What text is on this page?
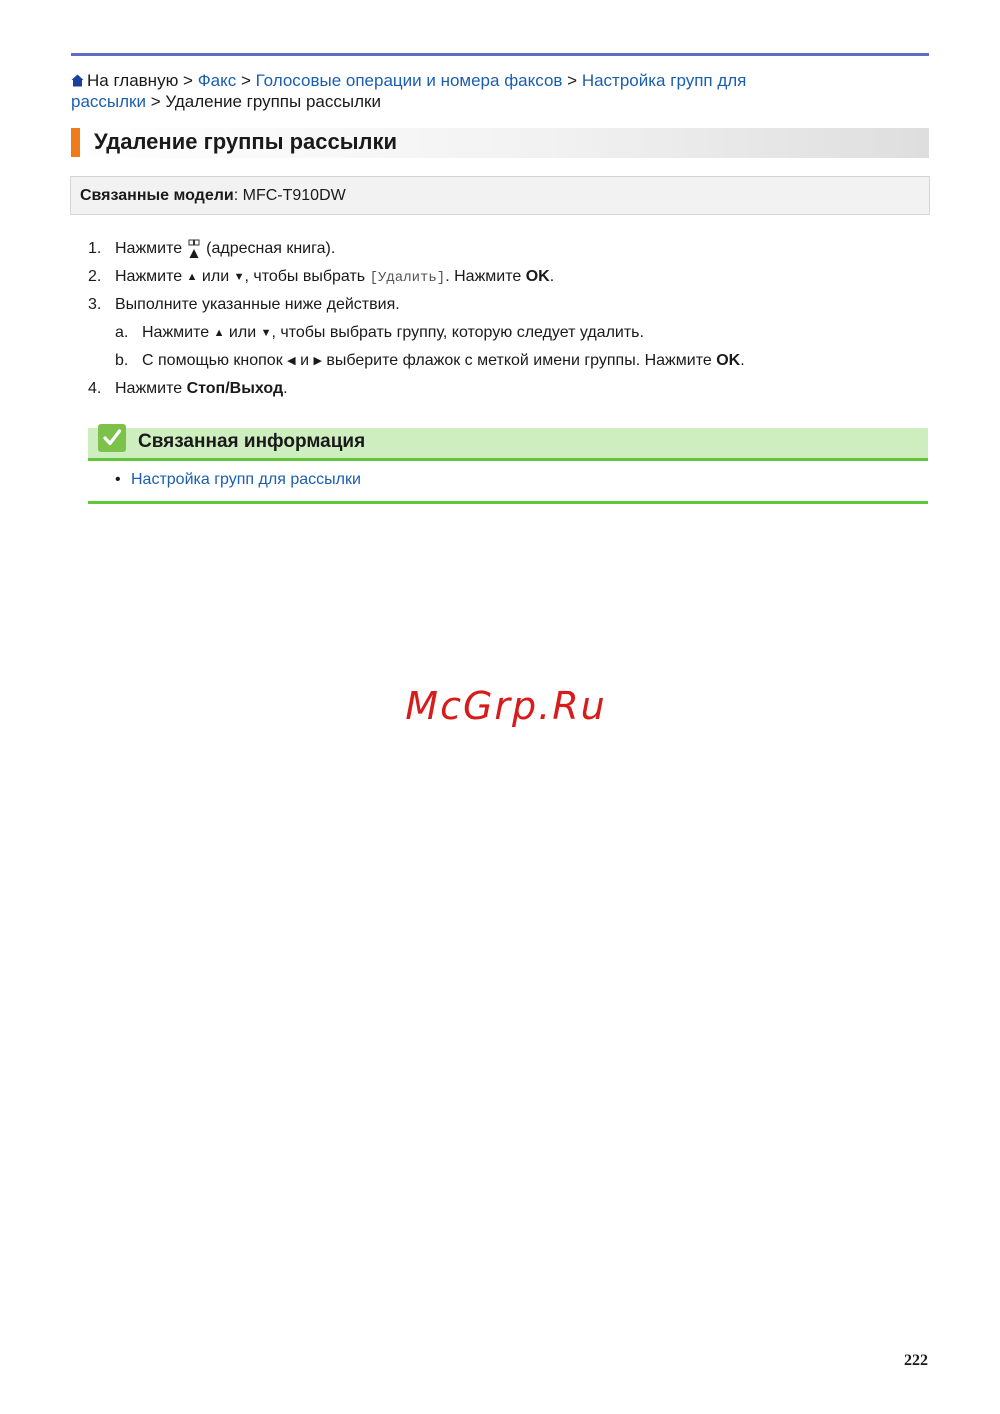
На главную > Факс > Голосовые операции и номера факсов > Настройка групп для
рассылки > Удаление группы рассылки
Удаление группы рассылки
Связанные модели: MFC-T910DW
1. Нажмите (адресная книга).
2. Нажмите ▲ или ▼, чтобы выбрать [Удалить]. Нажмите OK.
3. Выполните указанные ниже действия.
a. Нажмите ▲ или ▼, чтобы выбрать группу, которую следует удалить.
b. С помощью кнопок ◀ и ▶ выберите флажок с меткой имени группы. Нажмите OK.
4. Нажмите Стоп/Выход.
Связанная информация
• Настройка групп для рассылки
McGrp.Ru
222
